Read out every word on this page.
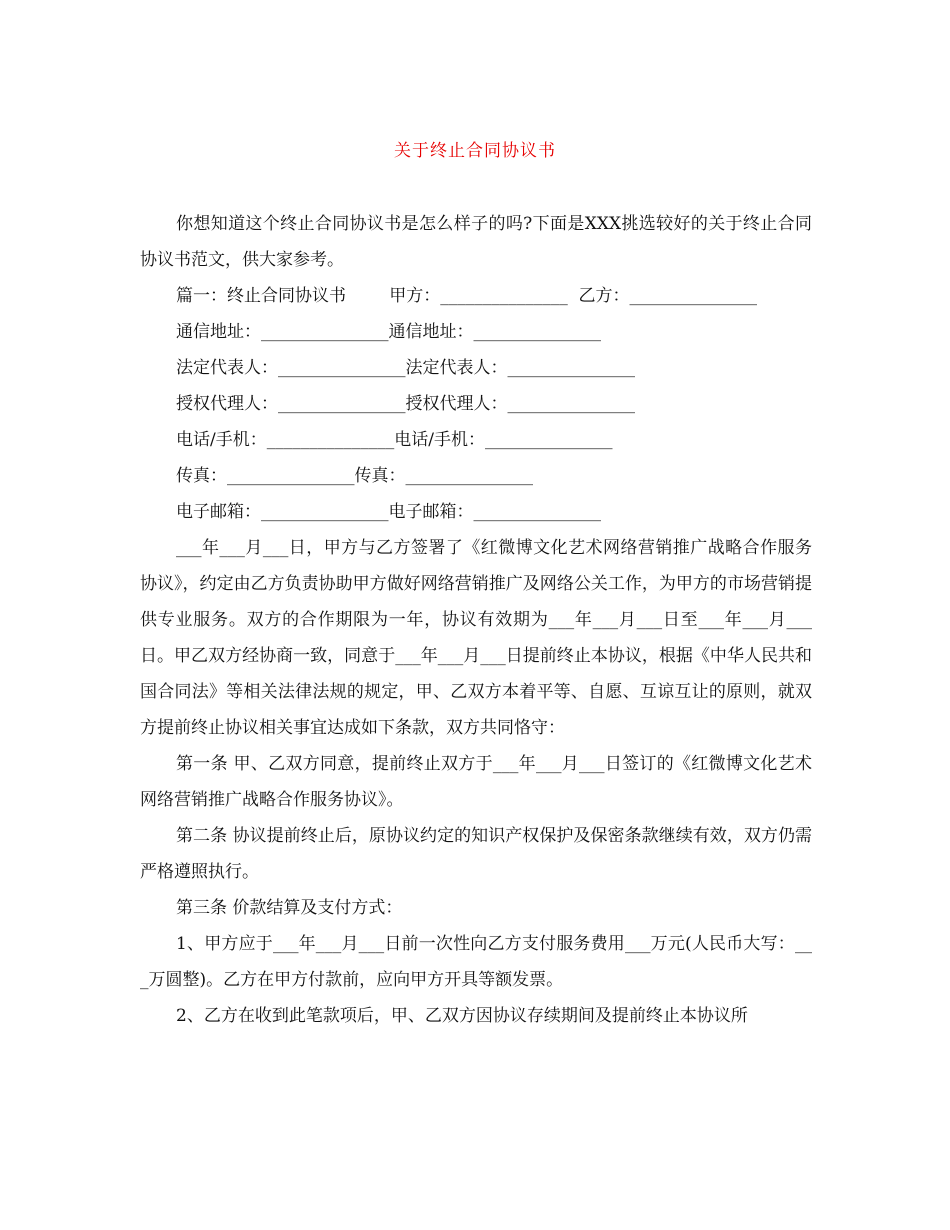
关于终止合同协议书

你想知道这个终止合同协议书是怎么样子的吗?下面是XXX挑选较好的关于终止合同协议书范文，供大家参考。

篇一：终止合同协议书        甲方：_______________  乙方：_______________

通信地址：_______________通信地址：_______________

法定代表人：_______________法定代表人：_______________

授权代理人：_______________授权代理人：_______________

电话/手机：_______________电话/手机：_______________

传真：_______________传真：_______________

电子邮箱：_______________电子邮箱：_______________

___年___月___日，甲方与乙方签署了《红微博文化艺术网络营销推广战略合作服务协议》，约定由乙方负责协助甲方做好网络营销推广及网络公关工作，为甲方的市场营销提供专业服务。双方的合作期限为一年，协议有效期为___年___月___日至___年___月___日。甲乙双方经协商一致，同意于___年___月___日提前终止本协议，根据《中华人民共和国合同法》等相关法律法规的规定，甲、乙双方本着平等、自愿、互谅互让的原则，就双方提前终止协议相关事宜达成如下条款，双方共同恪守：

第一条 甲、乙双方同意，提前终止双方于___年___月___日签订的《红微博文化艺术网络营销推广战略合作服务协议》。

第二条 协议提前终止后，原协议约定的知识产权保护及保密条款继续有效，双方仍需严格遵照执行。

第三条 价款结算及支付方式：

1、甲方应于___年___月___日前一次性向乙方支付服务费用___万元(人民币大写：___万圆整)。乙方在甲方付款前，应向甲方开具等额发票。

2、乙方在收到此笔款项后，甲、乙双方因协议存续期间及提前终止本协议所
